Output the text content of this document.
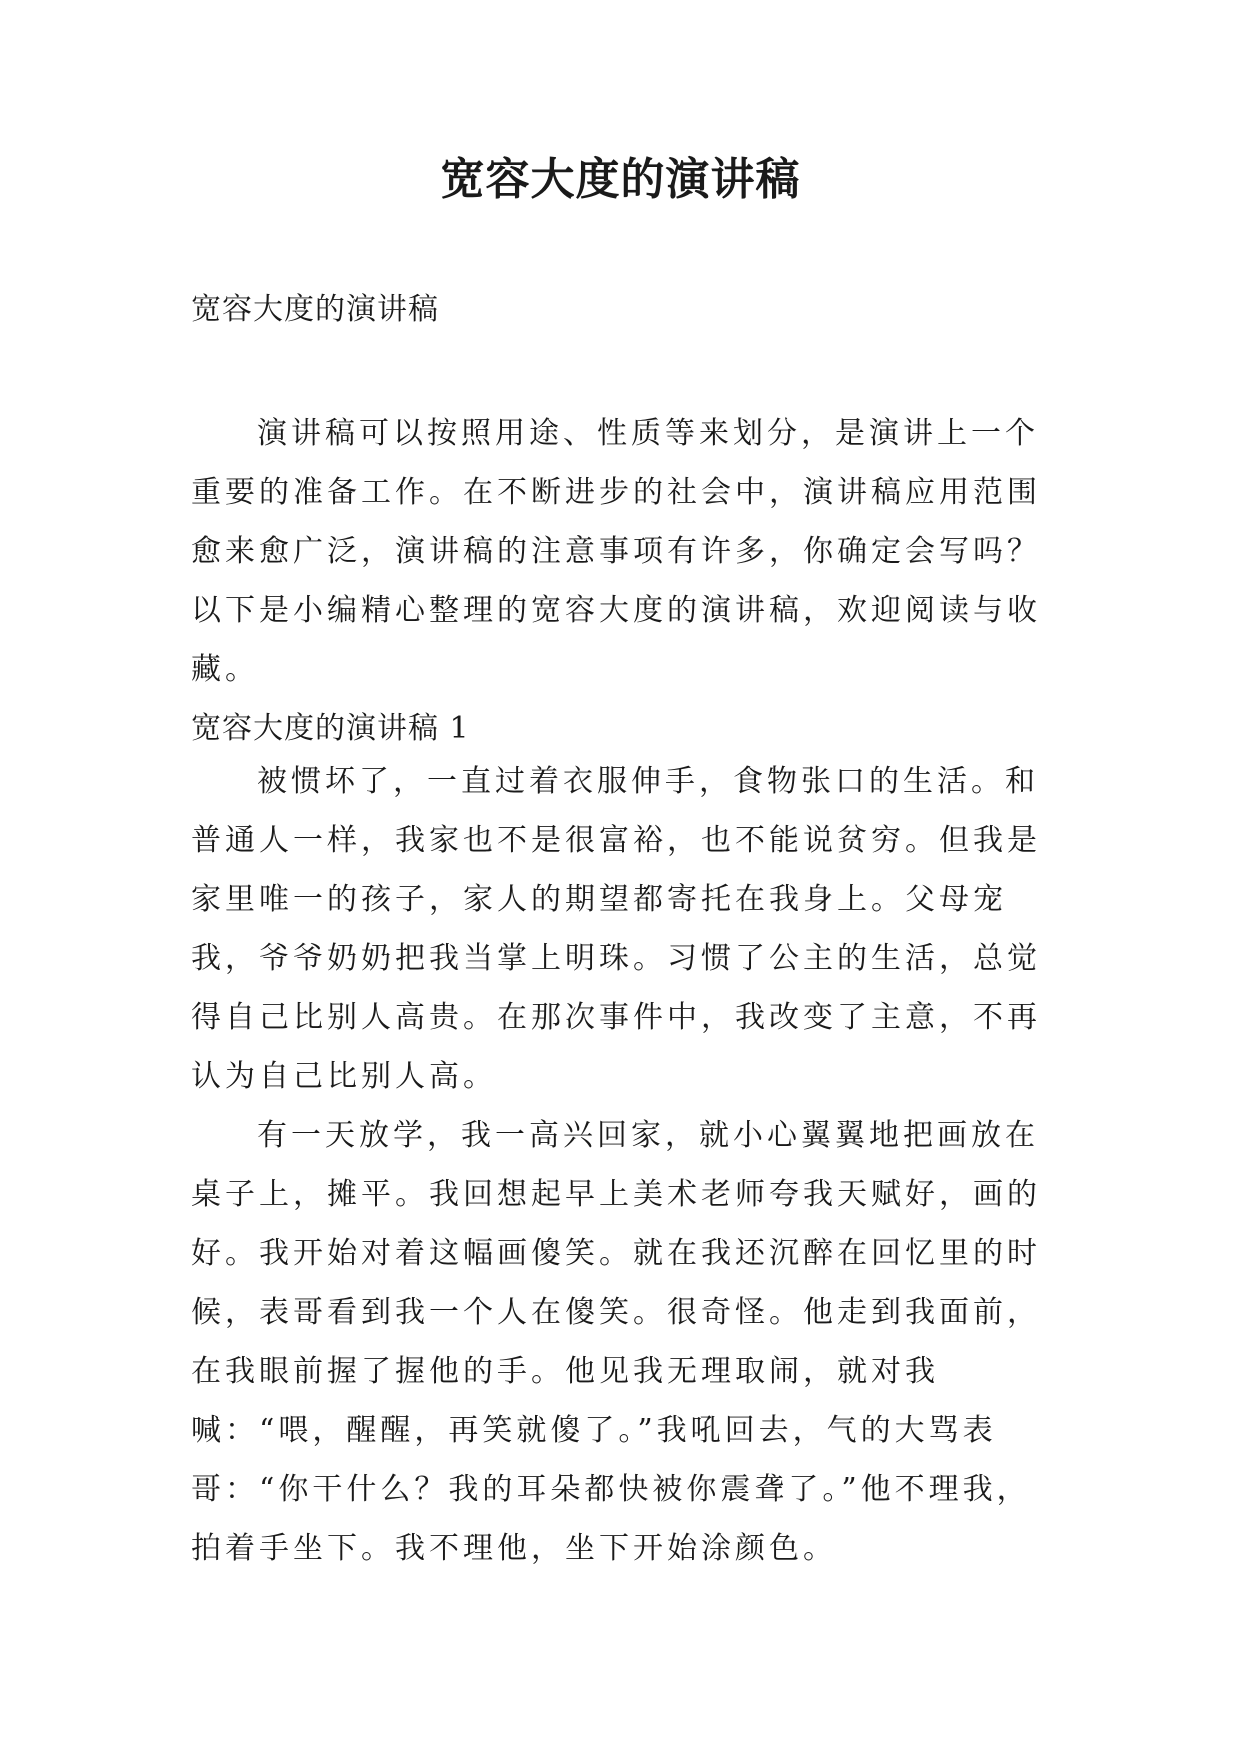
宽容大度的演讲稿

宽容大度的演讲稿

演讲稿可以按照用途、性质等来划分，是演讲上一个重要的准备工作。在不断进步的社会中，演讲稿应用范围愈来愈广泛，演讲稿的注意事项有许多，你确定会写吗？以下是小编精心整理的宽容大度的演讲稿，欢迎阅读与收藏。

宽容大度的演讲稿 1

被惯坏了，一直过着衣服伸手，食物张口的生活。和普通人一样，我家也不是很富裕，也不能说贫穷。但我是家里唯一的孩子，家人的期望都寄托在我身上。父母宠我，爷爷奶奶把我当掌上明珠。习惯了公主的生活，总觉得自己比别人高贵。在那次事件中，我改变了主意，不再认为自己比别人高。

有一天放学，我一高兴回家，就小心翼翼地把画放在桌子上，摊平。我回想起早上美术老师夸我天赋好，画的好。我开始对着这幅画傻笑。就在我还沉醉在回忆里的时候，表哥看到我一个人在傻笑。很奇怪。他走到我面前，在我眼前握了握他的手。他见我无理取闹，就对我喊：“喂，醒醒，再笑就傻了。”我吼回去，气的大骂表哥：“你干什么？我的耳朵都快被你震聋了。”他不理我，拍着手坐下。我不理他，坐下开始涂颜色。
